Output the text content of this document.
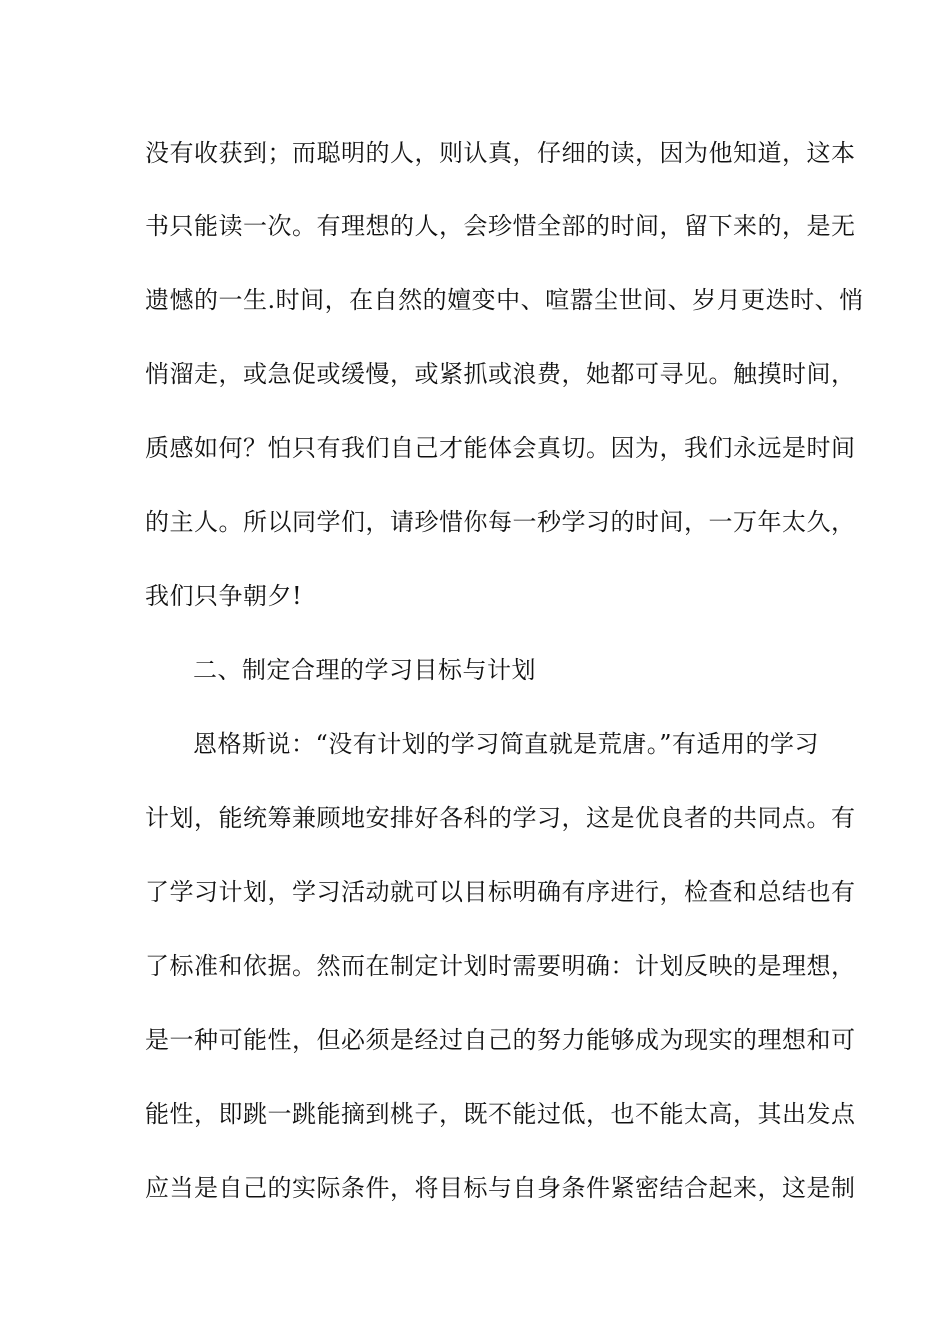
没有收获到；而聪明的人，则认真，仔细的读，因为他知道，这本
书只能读一次。有理想的人，会珍惜全部的时间，留下来的，是无
遗憾的一生.时间，在自然的嬗变中、喧嚣尘世间、岁月更迭时、悄
悄溜走，或急促或缓慢，或紧抓或浪费，她都可寻见。触摸时间，
质感如何？怕只有我们自己才能体会真切。因为，我们永远是时间
的主人。所以同学们，请珍惜你每一秒学习的时间，一万年太久，
我们只争朝夕!
二、制定合理的学习目标与计划
恩格斯说：“没有计划的学习简直就是荒唐。”有适用的学习
计划，能统筹兼顾地安排好各科的学习，这是优良者的共同点。有
了学习计划，学习活动就可以目标明确有序进行，检查和总结也有
了标准和依据。然而在制定计划时需要明确：计划反映的是理想，
是一种可能性，但必须是经过自己的努力能够成为现实的理想和可
能性，即跳一跳能摘到桃子，既不能过低，也不能太高，其出发点
应当是自己的实际条件，将目标与自身条件紧密结合起来，这是制
